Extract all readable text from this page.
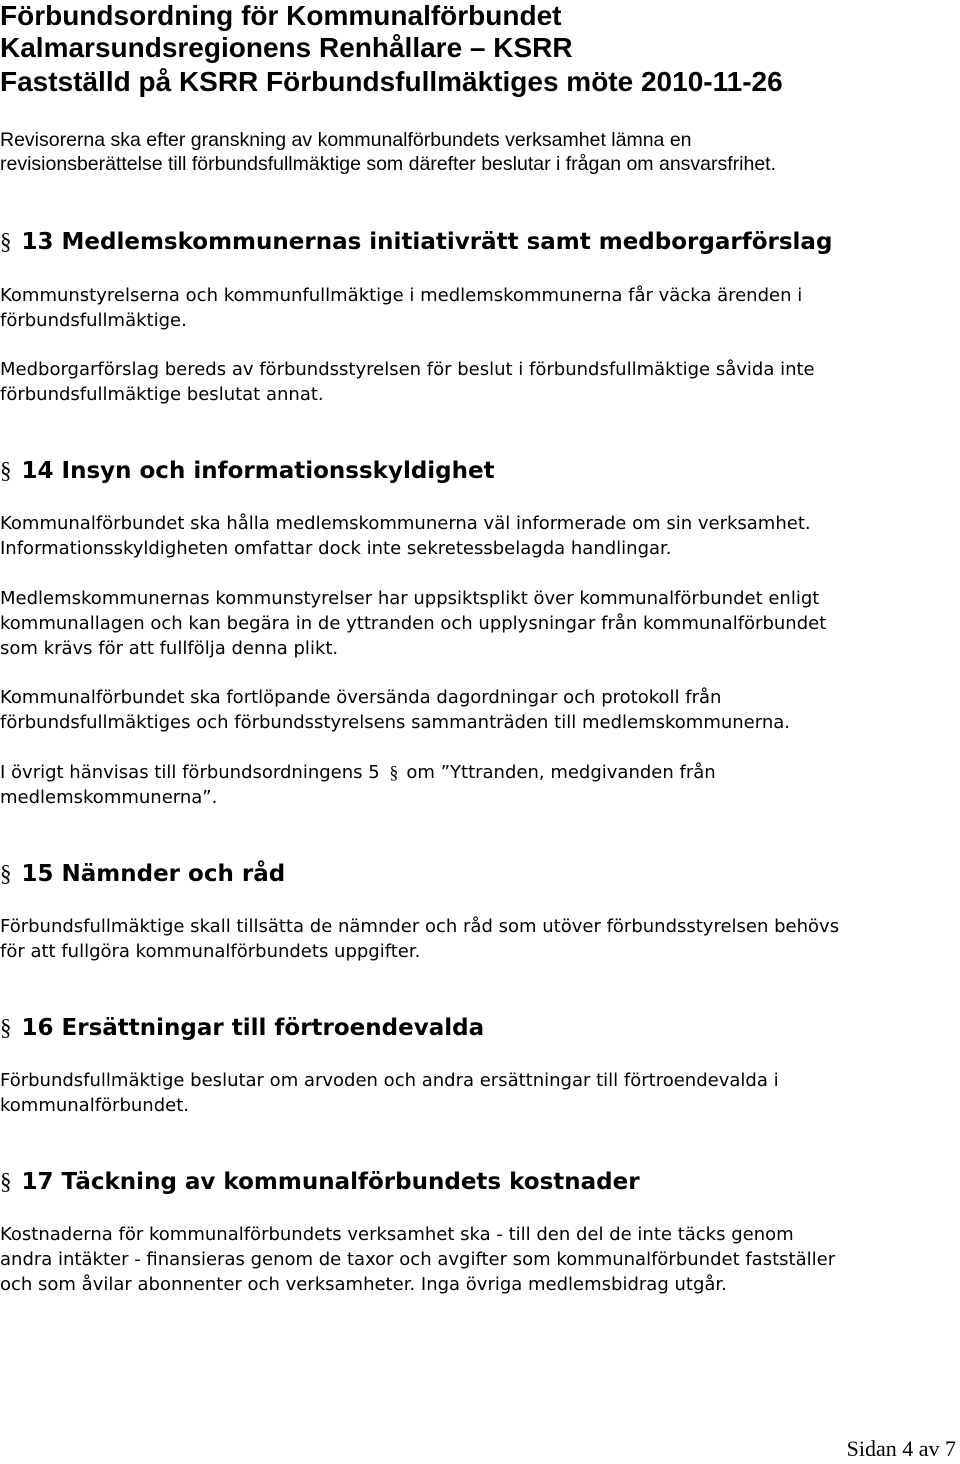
Förbundsordning för Kommunalförbundet
Kalmarsundsregionens Renhållare – KSRR
Fastställd på KSRR Förbundsfullmäktiges möte 2010-11-26
Revisorerna ska efter granskning av kommunalförbundets verksamhet lämna en
revisionsberättelse till förbundsfullmäktige som därefter beslutar i frågan om ansvarsfrihet.
§ 13 Medlemskommunernas initiativrätt samt medborgarförslag
Kommunstyrelserna och kommunfullmäktige i medlemskommunerna får väcka ärenden i
förbundsfullmäktige.
Medborgarförslag bereds av förbundsstyrelsen för beslut i förbundsfullmäktige såvida inte
förbundsfullmäktige beslutat annat.
§ 14 Insyn och informationsskyldighet
Kommunalförbundet ska hålla medlemskommunerna väl informerade om sin verksamhet.
Informationsskyldigheten omfattar dock inte sekretessbelagda handlingar.
Medlemskommunernas kommunstyrelser har uppsiktsplikt över kommunalförbundet enligt
kommunallagen och kan begära in de yttranden och upplysningar från kommunalförbundet
som krävs för att fullfölja denna plikt.
Kommunalförbundet ska fortlöpande översända dagordningar och protokoll från
förbundsfullmäktiges och förbundsstyrelsens sammanträden till medlemskommunerna.
I övrigt hänvisas till förbundsordningens 5 § om ”Yttranden, medgivanden från
medlemskommunerna”.
§ 15 Nämnder och råd
Förbundsfullmäktige skall tillsätta de nämnder och råd som utöver förbundsstyrelsen behövs
för att fullgöra kommunalförbundets uppgifter.
§ 16 Ersättningar till förtroendevalda
Förbundsfullmäktige beslutar om arvoden och andra ersättningar till förtroendevalda i
kommunalförbundet.
§ 17 Täckning av kommunalförbundets kostnader
Kostnaderna för kommunalförbundets verksamhet ska - till den del de inte täcks genom
andra intäkter - finansieras genom de taxor och avgifter som kommunalförbundet fastställer
och som åvilar abonnenter och verksamheter. Inga övriga medlemsbidrag utgår.
Sidan 4 av 7
